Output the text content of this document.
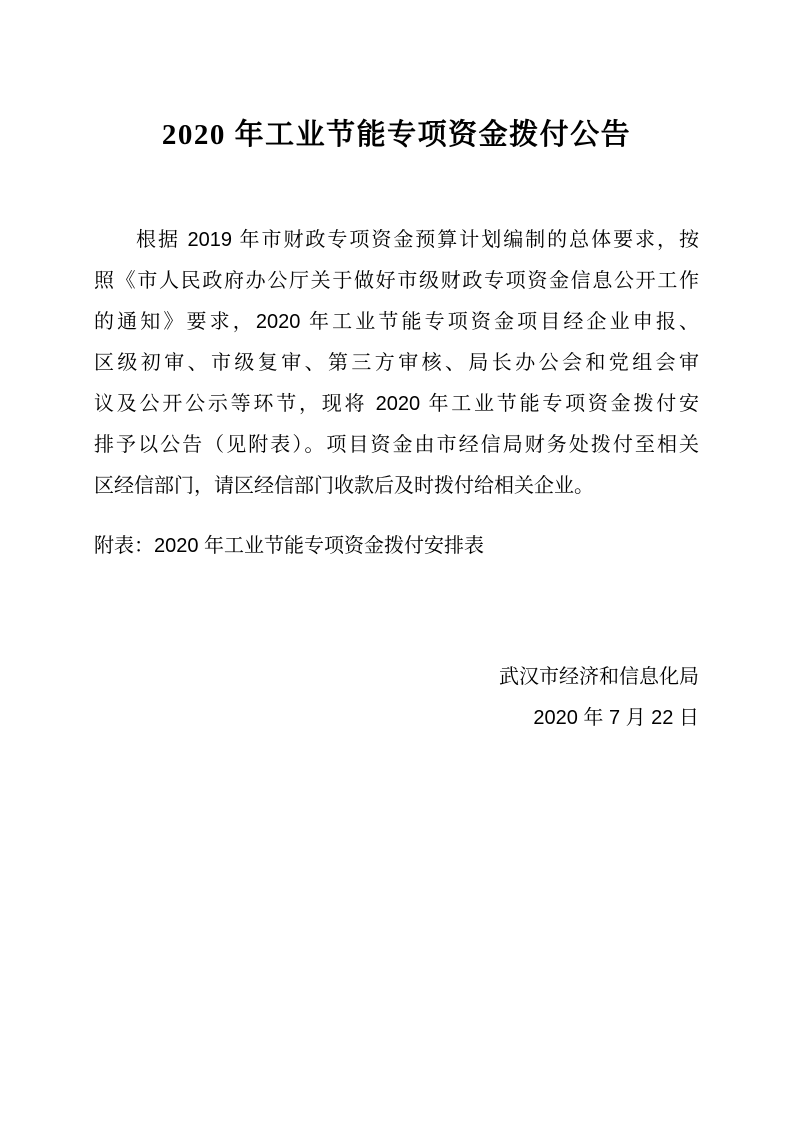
2020 年工业节能专项资金拨付公告
根据 2019 年市财政专项资金预算计划编制的总体要求，按
照《市人民政府办公厅关于做好市级财政专项资金信息公开工作
的通知》要求，2020 年工业节能专项资金项目经企业申报、
区级初审、市级复审、第三方审核、局长办公会和党组会审
议及公开公示等环节，现将 2020 年工业节能专项资金拨付安
排予以公告（见附表）。项目资金由市经信局财务处拨付至相关
区经信部门，请区经信部门收款后及时拨付给相关企业。
附表：2020 年工业节能专项资金拨付安排表
武汉市经济和信息化局
2020 年 7 月 22 日
